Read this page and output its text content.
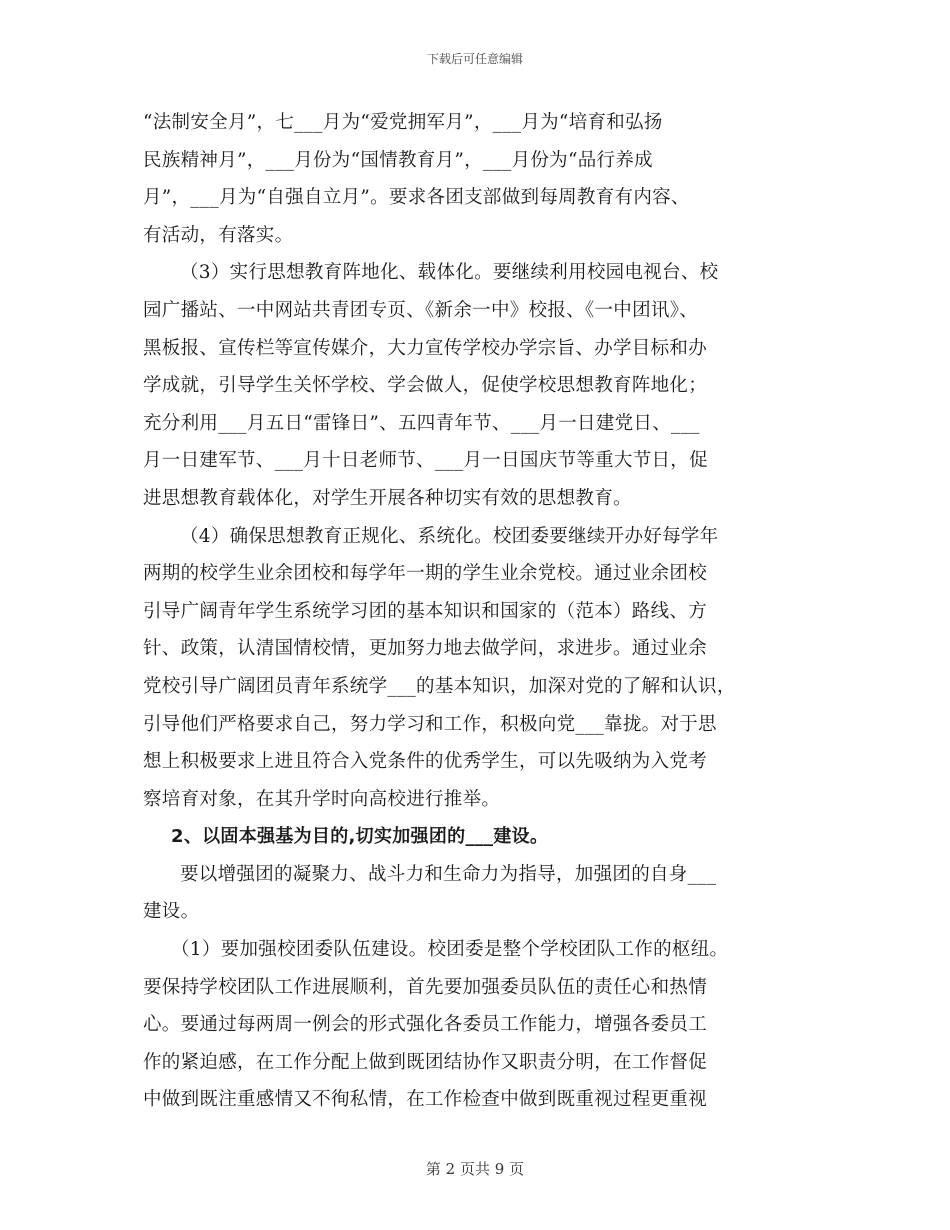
下载后可任意编辑
“法制安全月”，七___月为“爱党拥军月”，___月为“培育和弘扬
民族精神月”，___月份为“国情教育月”，___月份为“品行养成
月”，___月为“自强自立月”。要求各团支部做到每周教育有内容、
有活动，有落实。
（3）实行思想教育阵地化、载体化。要继续利用校园电视台、校
园广播站、一中网站共青团专页、《新余一中》校报、《一中团讯》、
黑板报、宣传栏等宣传媒介，大力宣传学校办学宗旨、办学目标和办
学成就，引导学生关怀学校、学会做人，促使学校思想教育阵地化；
充分利用___月五日“雷锋日”、五四青年节、___月一日建党日、___
月一日建军节、___月十日老师节、___月一日国庆节等重大节日，促
进思想教育载体化，对学生开展各种切实有效的思想教育。
（4）确保思想教育正规化、系统化。校团委要继续开办好每学年
两期的校学生业余团校和每学年一期的学生业余党校。通过业余团校
引导广阔青年学生系统学习团的基本知识和国家的（范本）路线、方
针、政策，认清国情校情，更加努力地去做学问，求进步。通过业余
党校引导广阔团员青年系统学___的基本知识，加深对党的了解和认识，
引导他们严格要求自己，努力学习和工作，积极向党___靠拢。对于思
想上积极要求上进且符合入党条件的优秀学生，可以先吸纳为入党考
察培育对象，在其升学时向高校进行推举。
2、以固本强基为目的,切实加强团的___建设。
要以增强团的凝聚力、战斗力和生命力为指导，加强团的自身___
建设。
（1）要加强校团委队伍建设。校团委是整个学校团队工作的枢纽。
要保持学校团队工作进展顺利，首先要加强委员队伍的责任心和热情
心。要通过每两周一例会的形式强化各委员工作能力，增强各委员工
作的紧迫感，在工作分配上做到既团结协作又职责分明，在工作督促
中做到既注重感情又不徇私情，在工作检查中做到既重视过程更重视
第 2 页共 9 页
